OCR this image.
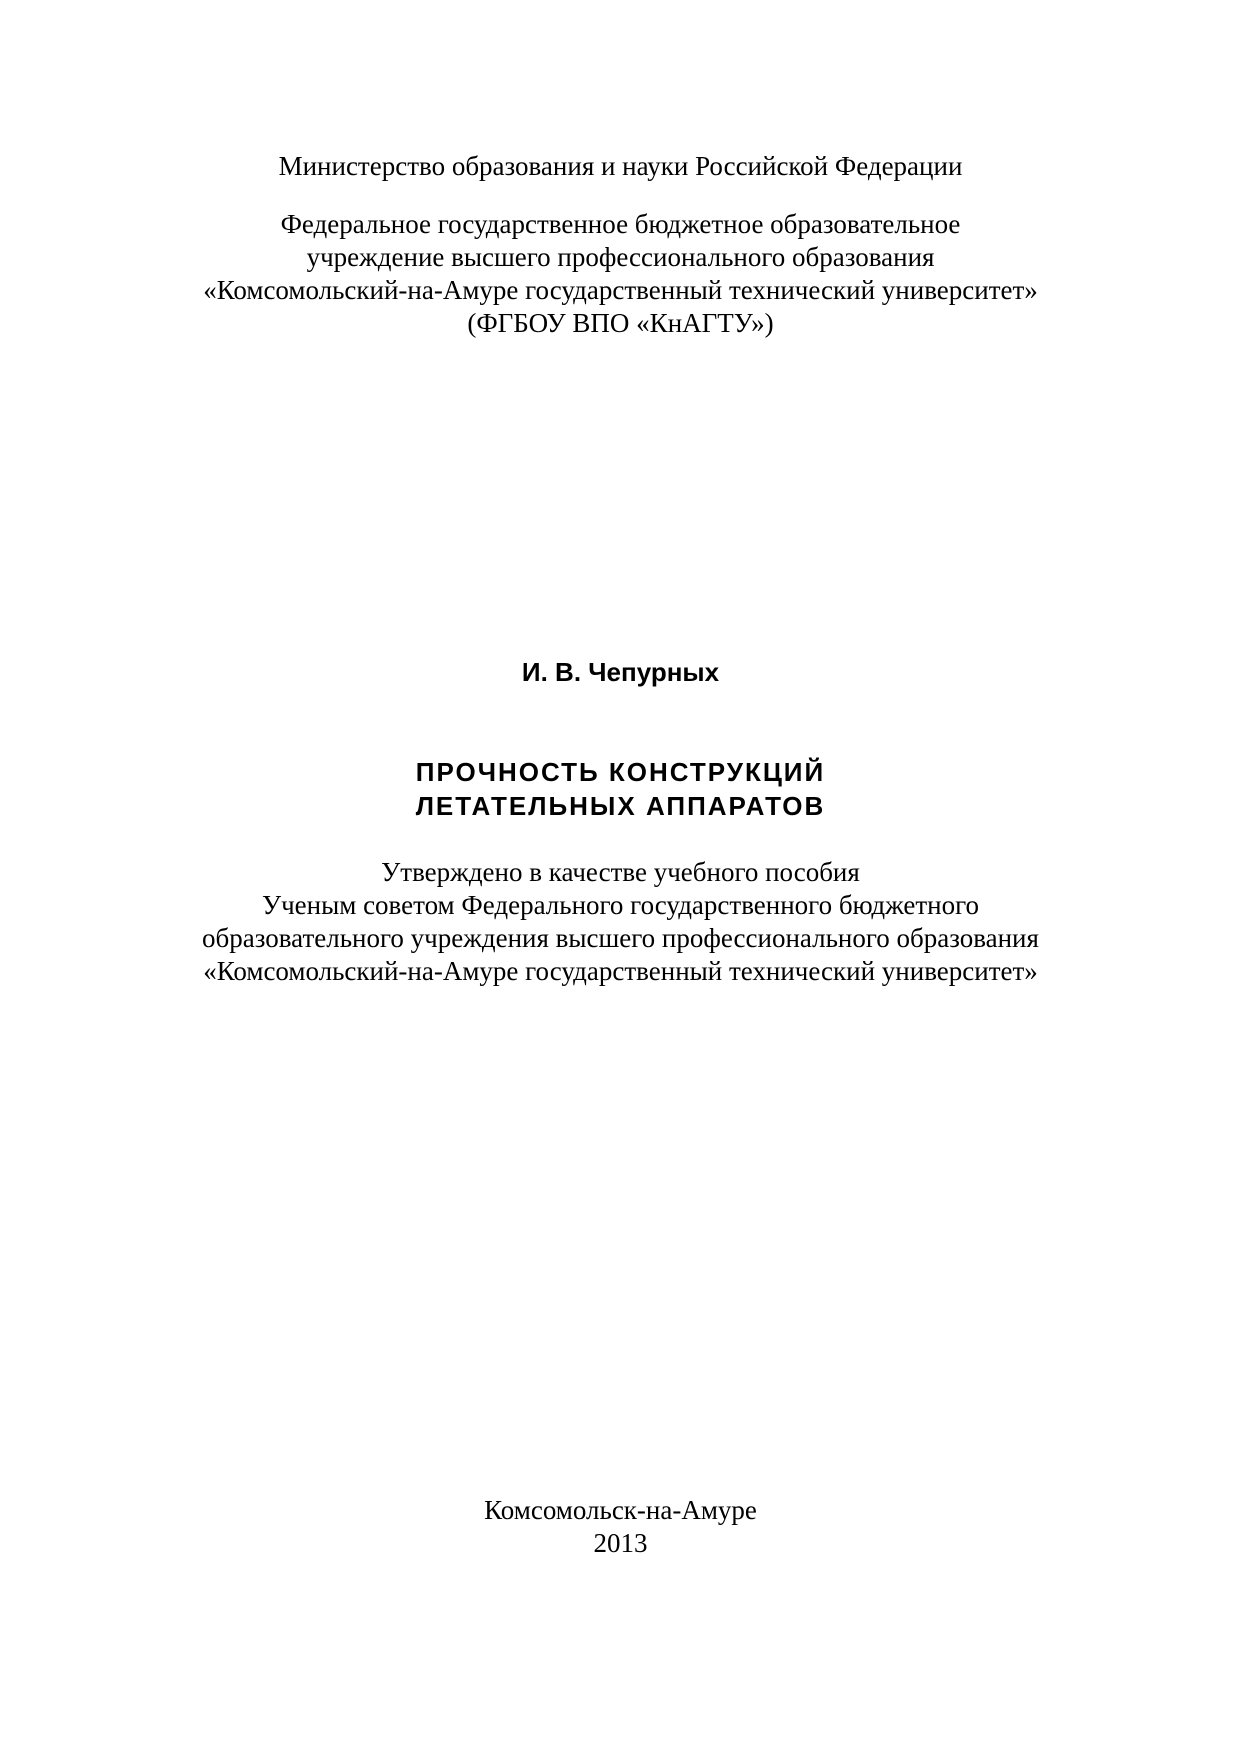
Министерство образования и науки Российской Федерации
Федеральное государственное бюджетное образовательное
учреждение высшего профессионального образования
«Комсомольский-на-Амуре государственный технический университет»
(ФГБОУ ВПО «КнАГТУ»)
И. В. Чепурных
ПРОЧНОСТЬ КОНСТРУКЦИЙ
ЛЕТАТЕЛЬНЫХ АППАРАТОВ
Утверждено в качестве учебного пособия
Ученым советом Федерального государственного бюджетного
образовательного учреждения высшего профессионального образования
«Комсомольский-на-Амуре государственный технический университет»
Комсомольск-на-Амуре
2013
